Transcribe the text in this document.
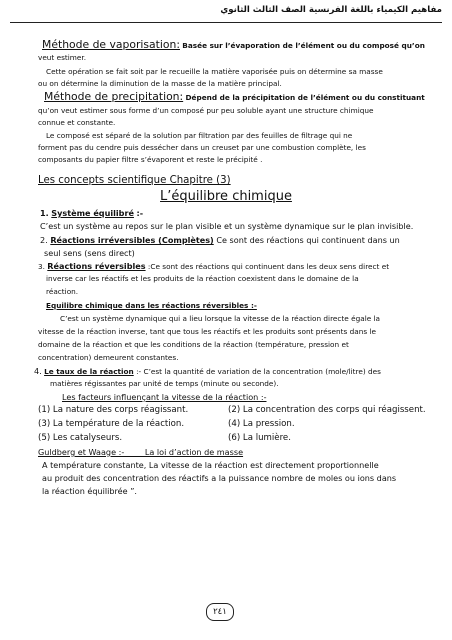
مفاهيم الكيمياء باللغة الفرنسية الصف الثالث الثانوي
Méthode de vaporisation: Basée sur l’évaporation de l’élément ou du composé qu’on
veut estimer.
Cette opération se fait soit par le recueille la matière vaporisée puis on détermine sa masse
ou on détermine la diminution de la masse de la matière principal.
Méthode de precipitation: Dépend de la précipitation de l’élément ou du constituant
qu’on veut estimer sous forme d’un composé pur peu soluble ayant une structure chimique
connue et constante.
Le composé est séparé de la solution par filtration par des feuilles de filtrage qui ne
forment pas du cendre puis dessécher dans un creuset par une combustion complète, les
composants du papier filtre s’évaporent et reste le précipité .
Les concepts scientifique Chapitre (3)
L’équilibre chimique
1. Système équilibré :-
C’est un système au repos sur le plan visible et un système dynamique sur le plan invisible.
2. Réactions irréversibles (Complètes) Ce sont des réactions qui continuent dans un
seul sens (sens direct)
3. Réactions réversibles :Ce sont des réactions qui continuent dans les deux sens direct et
inverse car les réactifs et les produits de la réaction coexistent dans le domaine de la
réaction.
Equilibre chimique dans les réactions réversibles :-
C’est un système dynamique qui a lieu lorsque la vitesse de la réaction directe égale la
vitesse de la réaction inverse, tant que tous les réactifs et les produits sont présents dans le
domaine de la réaction et que les conditions de la réaction (température, pression et
concentration) demeurent constantes.
4. Le taux de la réaction :- C’est la quantité de variation de la concentration (mole/litre) des
matières régissantes par unité de temps (minute ou seconde).
Les facteurs influençant la vitesse de la réaction :-
(1) La nature des corps réagissant.	(2) La concentration des corps qui réagissent.
(3) La température de la réaction.	(4) La pression.
(5) Les catalyseurs.	(6) La lumière.
Guldberg et Waage :-        La loi d’action de masse
A température constante, La vitesse de la réaction est directement proportionnelle
au produit des concentration des réactifs a la puissance nombre de moles ou ions dans
la réaction équilibrée ”.
٢٤١
